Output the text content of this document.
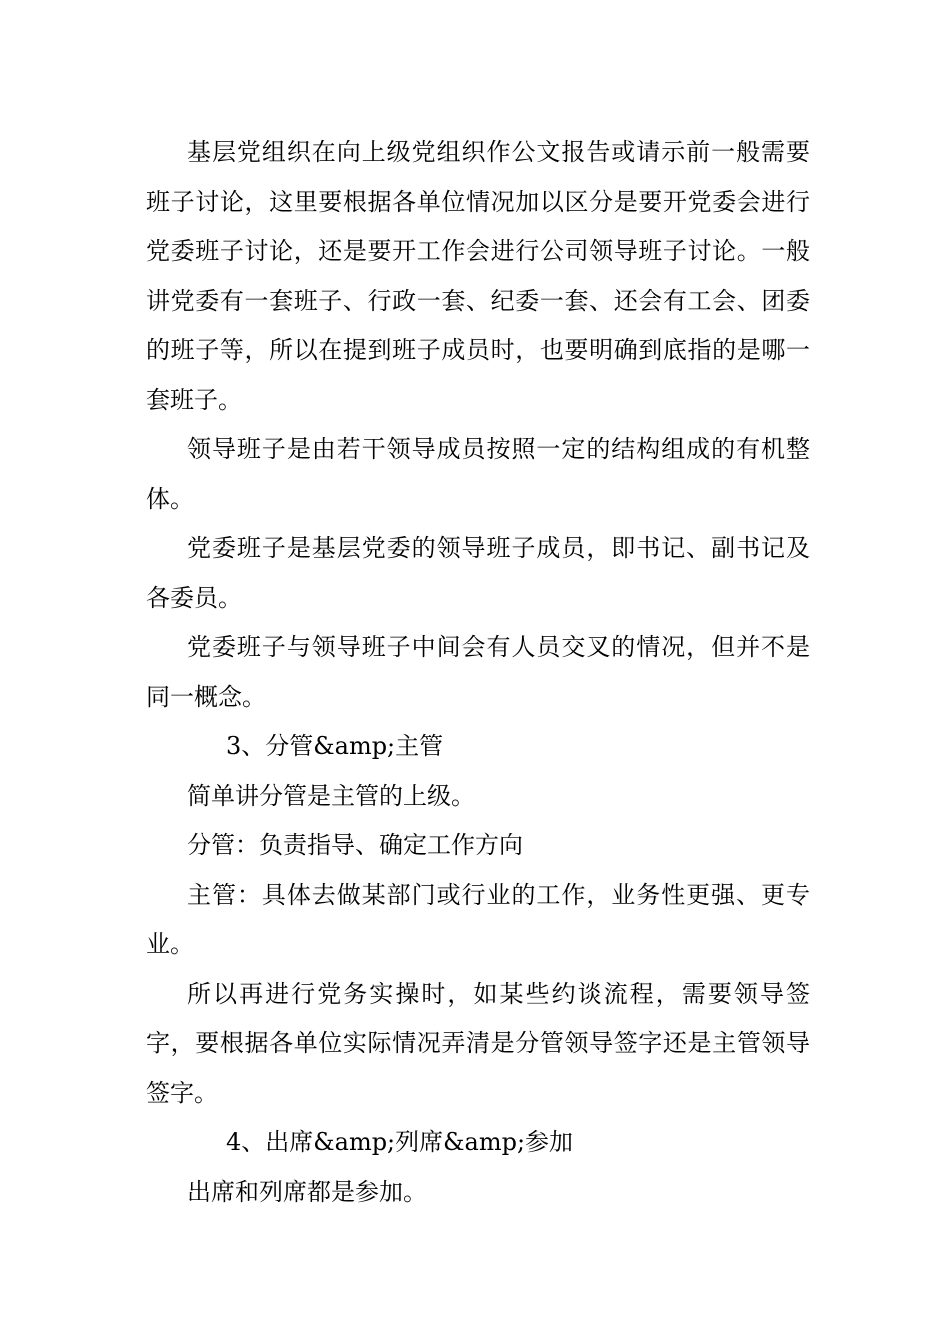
基层党组织在向上级党组织作公文报告或请示前一般需要班子讨论，这里要根据各单位情况加以区分是要开党委会进行党委班子讨论，还是要开工作会进行公司领导班子讨论。一般讲党委有一套班子、行政一套、纪委一套、还会有工会、团委的班子等，所以在提到班子成员时，也要明确到底指的是哪一套班子。

领导班子是由若干领导成员按照一定的结构组成的有机整体。

党委班子是基层党委的领导班子成员，即书记、副书记及各委员。

党委班子与领导班子中间会有人员交叉的情况，但并不是同一概念。

3、分管&amp;主管

简单讲分管是主管的上级。

分管：负责指导、确定工作方向

主管：具体去做某部门或行业的工作，业务性更强、更专业。

所以再进行党务实操时，如某些约谈流程，需要领导签字，要根据各单位实际情况弄清是分管领导签字还是主管领导签字。

4、出席&amp;列席&amp;参加

出席和列席都是参加。
